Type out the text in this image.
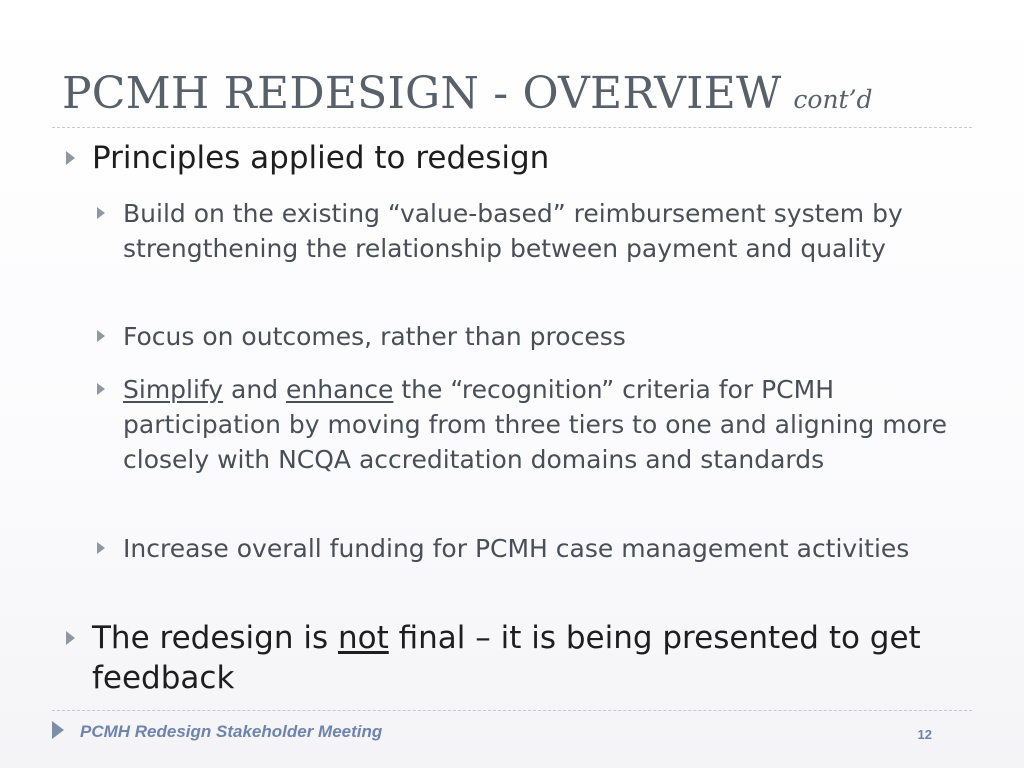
PCMH REDESIGN - OVERVIEW cont’d
Principles applied to redesign
Build on the existing “value-based” reimbursement system by strengthening the relationship between payment and quality
Focus on outcomes, rather than process
Simplify and enhance the “recognition” criteria for PCMH participation by moving from three tiers to one and aligning more closely with NCQA accreditation domains and standards
Increase overall funding for PCMH case management activities
The redesign is not final – it is being presented to get feedback
PCMH Redesign Stakeholder Meeting	12
